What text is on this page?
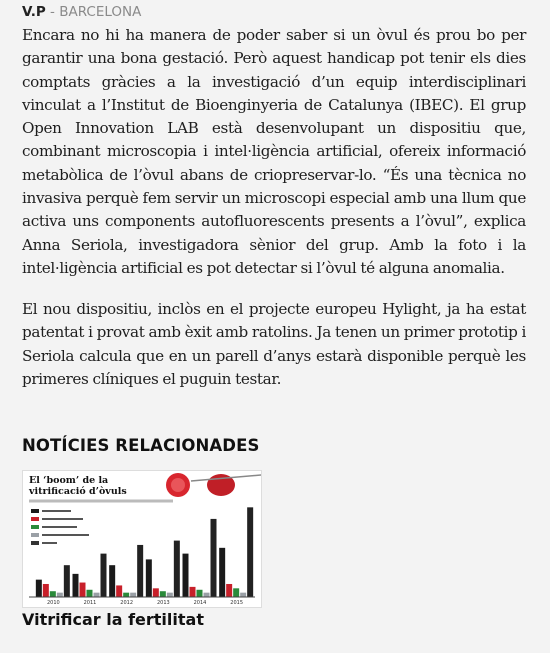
V.P - BARCELONA

Encara no hi ha manera de poder saber si un òvul és prou bo per garantir una bona gestació. Però aquest handicap pot tenir els dies comptats gràcies a la investigació d’un equip interdisciplinari vinculat a l’Institut de Bioenginyeria de Catalunya (IBEC). El grup Open Innovation LAB està desenvolupant un dispositiu que, combinant microscopia i intel·ligència artificial, ofereix informació metabòlica de l’òvul abans de criopreservar-lo. “És una tècnica no invasiva perquè fem servir un microscopi especial amb una llum que activa uns components autofluorescents presents a l’òvul”, explica Anna Seriola, investigadora sènior del grup. Amb la foto i la intel·ligència artificial es pot detectar si l’òvul té alguna anomalia.

El nou dispositiu, inclòs en el projecte europeu Hylight, ja ha estat patentat i provat amb èxit amb ratolins. Ja tenen un primer prototip i Seriola calcula que en un parell d’anys estarà disponible perquè les primeres clíniques el puguin testar.

NOTÍCIES RELACIONADES
El ‘boom’ de la
vitrificació d’òvuls
2010	2011	2012	2013	2014	2015
Vitrificar la fertilitat
